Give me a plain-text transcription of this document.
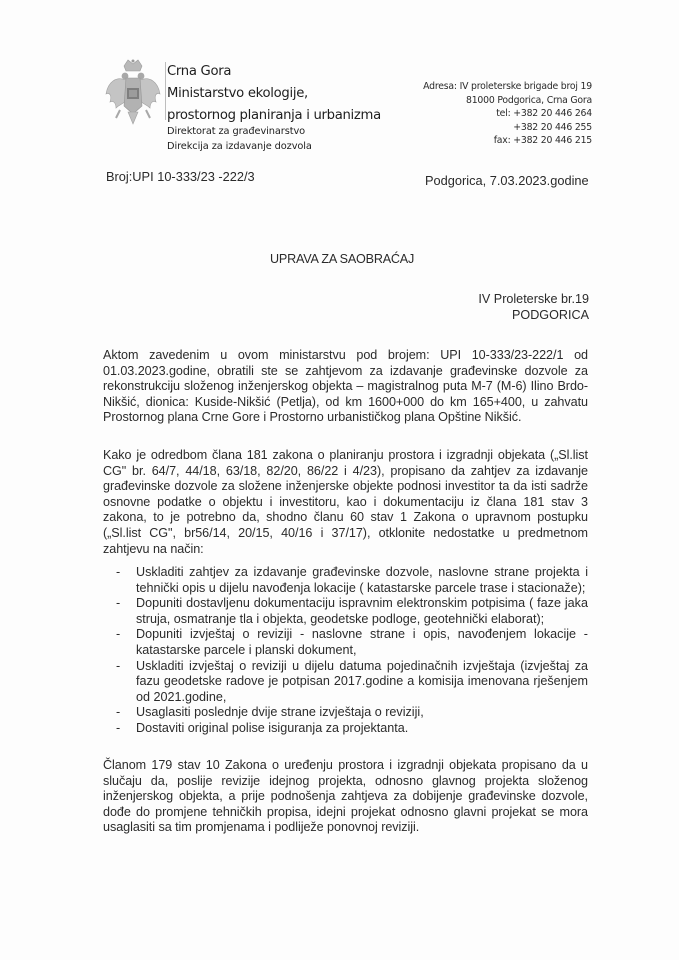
Crna Gora
Ministarstvo ekologije,
prostornog planiranja i urbanizma
Direktorat za građevinarstvo
Direkcija za izdavanje dozvola
Adresa: IV proleterske brigade broj 19
81000 Podgorica, Crna Gora
tel: +382 20 446 264
+382 20 446 255
fax: +382 20 446 215
Broj:UPI 10-333/23 -222/3	Podgorica, 7.03.2023.godine
UPRAVA ZA SAOBRAĆAJ
IV Proleterske br.19
PODGORICA
Aktom zavedenim u ovom ministarstvu pod brojem: UPI 10-333/23-222/1 od 01.03.2023.godine, obratili ste se zahtjevom za izdavanje građevinske dozvole za rekonstrukciju složenog inženjerskog objekta – magistralnog puta M-7 (M-6) Ilino Brdo-Nikšić, dionica: Kuside-Nikšić (Petlja), od km 1600+000 do km 165+400, u zahvatu Prostornog plana Crne Gore i Prostorno urbanističkog plana Opštine Nikšić.
Kako je odredbom člana 181 zakona o planiranju prostora i izgradnji objekata („Sl.list CG" br. 64/7, 44/18, 63/18, 82/20, 86/22 i 4/23), propisano da zahtjev za izdavanje građevinske dozvole za složene inženjerske objekte podnosi investitor ta da isti sadrže osnovne podatke o objektu i investitoru, kao i dokumentaciju iz člana 181 stav 3 zakona, to je potrebno da, shodno članu 60 stav 1 Zakona o upravnom postupku („Sl.list CG", br56/14, 20/15, 40/16 i 37/17), otklonite nedostatke u predmetnom zahtjevu na način:
- Uskladiti zahtjev za izdavanje građevinske dozvole, naslovne strane projekta i tehnički opis u dijelu navođenja lokacije ( katastarske parcele trase i stacionaže);
- Dopuniti dostavljenu dokumentaciju ispravnim elektronskim potpisima ( faze jaka struja, osmatranje tla i objekta, geodetske podloge, geotehnički elaborat);
- Dopuniti izvještaj o reviziji - naslovne strane i opis, navođenjem lokacije - katastarske parcele i planski dokument,
- Uskladiti izvještaj o reviziji u dijelu datuma pojedinačnih izvještaja (izvještaj za fazu geodetske radove je potpisan 2017.godine a komisija imenovana rješenjem od 2021.godine,
- Usaglasiti poslednje dvije strane izvještaja o reviziji,
- Dostaviti original polise isiguranja za projektanta.
Članom 179 stav 10 Zakona o uređenju prostora i izgradnji objekata propisano da u slučaju da, poslije revizije idejnog projekta, odnosno glavnog projekta složenog inženjerskog objekta, a prije podnošenja zahtjeva za dobijenje građevinske dozvole, dođe do promjene tehničkih propisa, idejni projekat odnosno glavni projekat se mora usaglasiti sa tim promjenama i podliježe ponovnoj reviziji.
